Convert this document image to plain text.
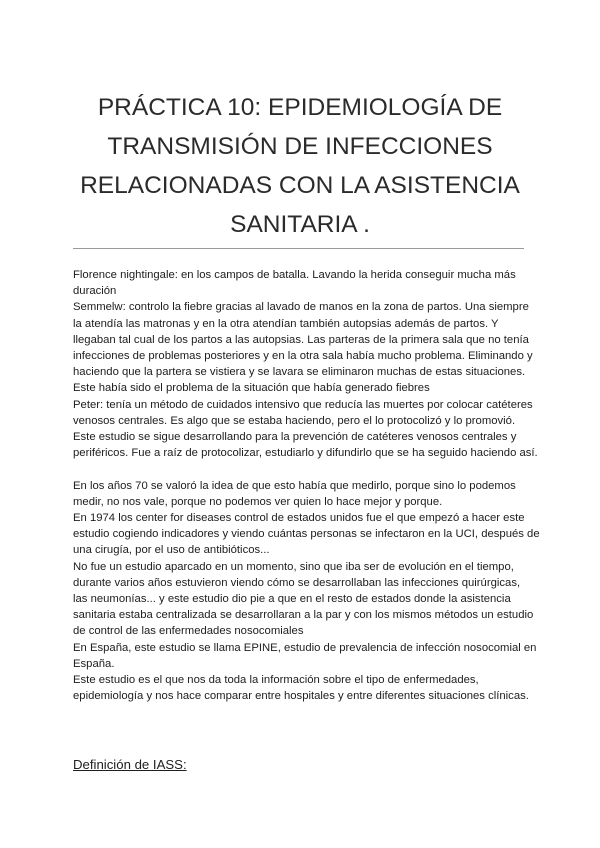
PRÁCTICA 10: EPIDEMIOLOGÍA DE
TRANSMISIÓN DE INFECCIONES
RELACIONADAS CON LA ASISTENCIA
SANITARIA .
Florence nightingale: en los campos de batalla. Lavando la herida conseguir mucha más
duración
Semmelw: controlo la fiebre gracias al lavado de manos en la zona de partos. Una siempre
la atendía las matronas y en la otra atendían también autopsias además de partos. Y
llegaban tal cual de los partos a las autopsias. Las parteras de la primera sala que no tenía
infecciones de problemas posteriores y en la otra sala había mucho problema. Eliminando y
haciendo que la partera se vistiera y se lavara se eliminaron muchas de estas situaciones.
Este había sido el problema de la situación que había generado fiebres
Peter: tenía un método de cuidados intensivo que reducía las muertes por colocar catéteres
venosos centrales. Es algo que se estaba haciendo, pero el lo protocolizó y lo promovió.
Este estudio se sigue desarrollando para la prevención de catéteres venosos centrales y
periféricos. Fue a raíz de protocolizar, estudiarlo y difundirlo que se ha seguido haciendo así.
En los años 70 se valoró la idea de que esto había que medirlo, porque sino lo podemos
medir, no nos vale, porque no podemos ver quien lo hace mejor y porque.
En 1974 los center for diseases control de estados unidos fue el que empezó a hacer este
estudio cogiendo indicadores y viendo cuántas personas se infectaron en la UCI, después de
una cirugía, por el uso de antibióticos...
No fue un estudio aparcado en un momento, sino que iba ser de evolución en el tiempo,
durante varios años estuvieron viendo cómo se desarrollaban las infecciones quirúrgicas,
las neumonías... y este estudio dio pie a que en el resto de estados donde la asistencia
sanitaria estaba centralizada se desarrollaran a la par y con los mismos métodos un estudio
de control de las enfermedades nosocomiales
En España, este estudio se llama EPINE, estudio de prevalencia de infección nosocomial en
España.
Este estudio es el que nos da toda la información sobre el tipo de enfermedades,
epidemiología y nos hace comparar entre hospitales y entre diferentes situaciones clínicas.
Definición de IASS:
